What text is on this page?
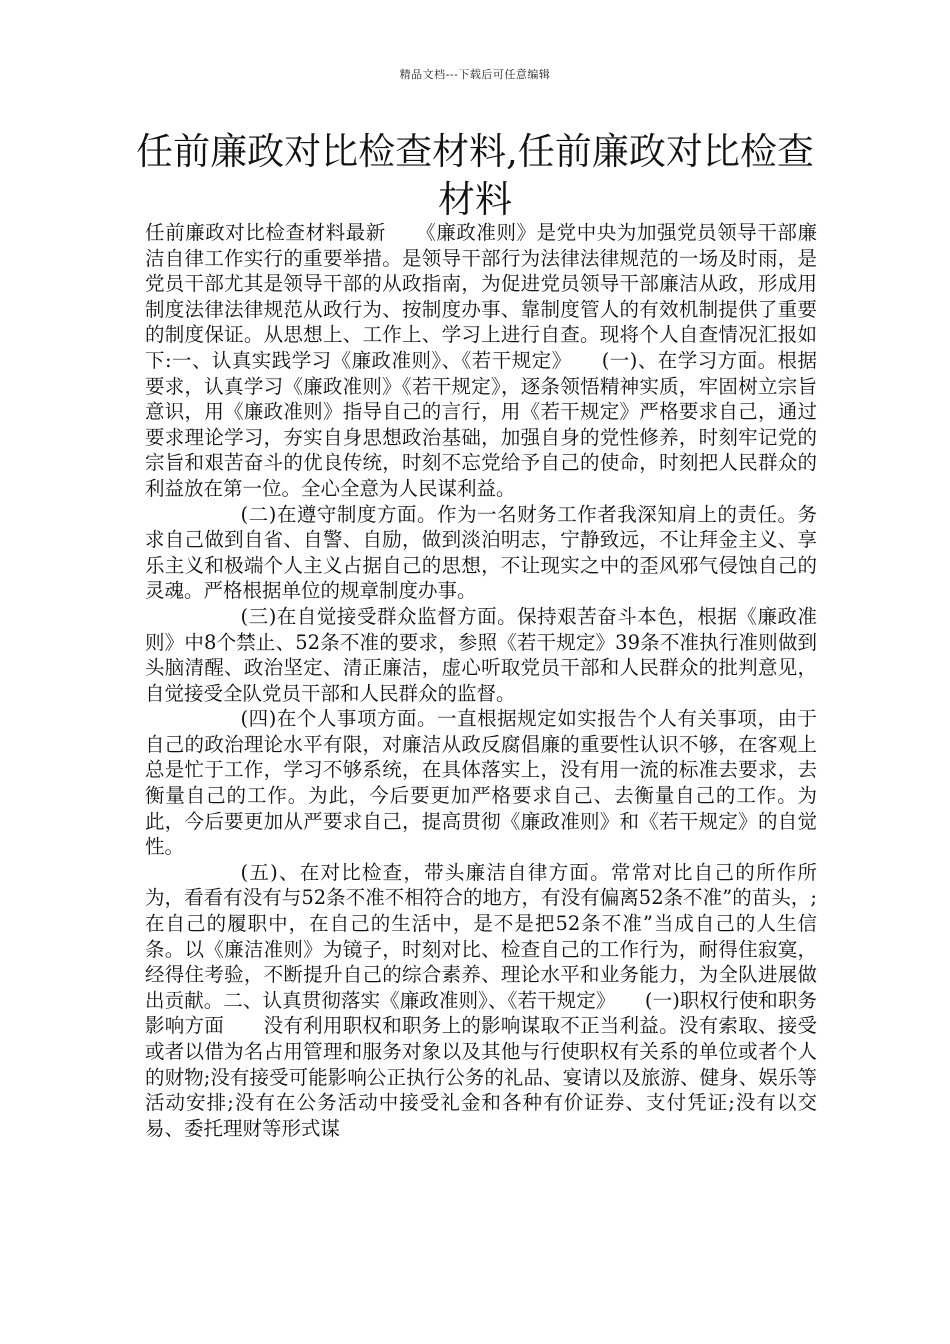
精品文档---下载后可任意编辑
任前廉政对比检查材料,任前廉政对比检查材料

任前廉政对比检查材料最新　　《廉政准则》是党中央为加强党员领导干部廉洁自律工作实行的重要举措。是领导干部行为法律法律规范的一场及时雨，是党员干部尤其是领导干部的从政指南，为促进党员领导干部廉洁从政，形成用制度法律法律规范从政行为、按制度办事、靠制度管人的有效机制提供了重要的制度保证。从思想上、工作上、学习上进行自查。现将个人自查情况汇报如下:一、认真实践学习《廉政准则》、《若干规定》　　(一)、在学习方面。根据要求，认真学习《廉政准则》《若干规定》，逐条领悟精神实质，牢固树立宗旨意识，用《廉政准则》指导自己的言行，用《若干规定》严格要求自己，通过要求理论学习，夯实自身思想政治基础，加强自身的党性修养，时刻牢记党的宗旨和艰苦奋斗的优良传统，时刻不忘党给予自己的使命，时刻把人民群众的利益放在第一位。全心全意为人民谋利益。

(二)在遵守制度方面。作为一名财务工作者我深知肩上的责任。务求自己做到自省、自警、自励，做到淡泊明志，宁静致远，不让拜金主义、享乐主义和极端个人主义占据自己的思想，不让现实之中的歪风邪气侵蚀自己的灵魂。严格根据单位的规章制度办事。

(三)在自觉接受群众监督方面。保持艰苦奋斗本色，根据《廉政准则》中8个禁止、52条不准的要求，参照《若干规定》39条不准执行准则做到头脑清醒、政治坚定、清正廉洁，虚心听取党员干部和人民群众的批判意见，自觉接受全队党员干部和人民群众的监督。

(四)在个人事项方面。一直根据规定如实报告个人有关事项，由于自己的政治理论水平有限，对廉洁从政反腐倡廉的重要性认识不够，在客观上总是忙于工作，学习不够系统，在具体落实上，没有用一流的标准去要求，去衡量自己的工作。为此，今后要更加严格要求自己、去衡量自己的工作。为此，今后要更加从严要求自己，提高贯彻《廉政准则》和《若干规定》的自觉性。

(五)、在对比检查，带头廉洁自律方面。常常对比自己的所作所为，看看有没有与52条不准不相符合的地方，有没有偏离52条不准”的苗头，;在自己的履职中，在自己的生活中，是不是把52条不准”当成自己的人生信条。以《廉洁准则》为镜子，时刻对比、检查自己的工作行为，耐得住寂寞，经得住考验，不断提升自己的综合素养、理论水平和业务能力，为全队进展做出贡献。二、认真贯彻落实《廉政准则》、《若干规定》　　(一)职权行使和职务影响方面　　没有利用职权和职务上的影响谋取不正当利益。没有索取、接受或者以借为名占用管理和服务对象以及其他与行使职权有关系的单位或者个人的财物;没有接受可能影响公正执行公务的礼品、宴请以及旅游、健身、娱乐等活动安排;没有在公务活动中接受礼金和各种有价证券、支付凭证;没有以交易、委托理财等形式谋
